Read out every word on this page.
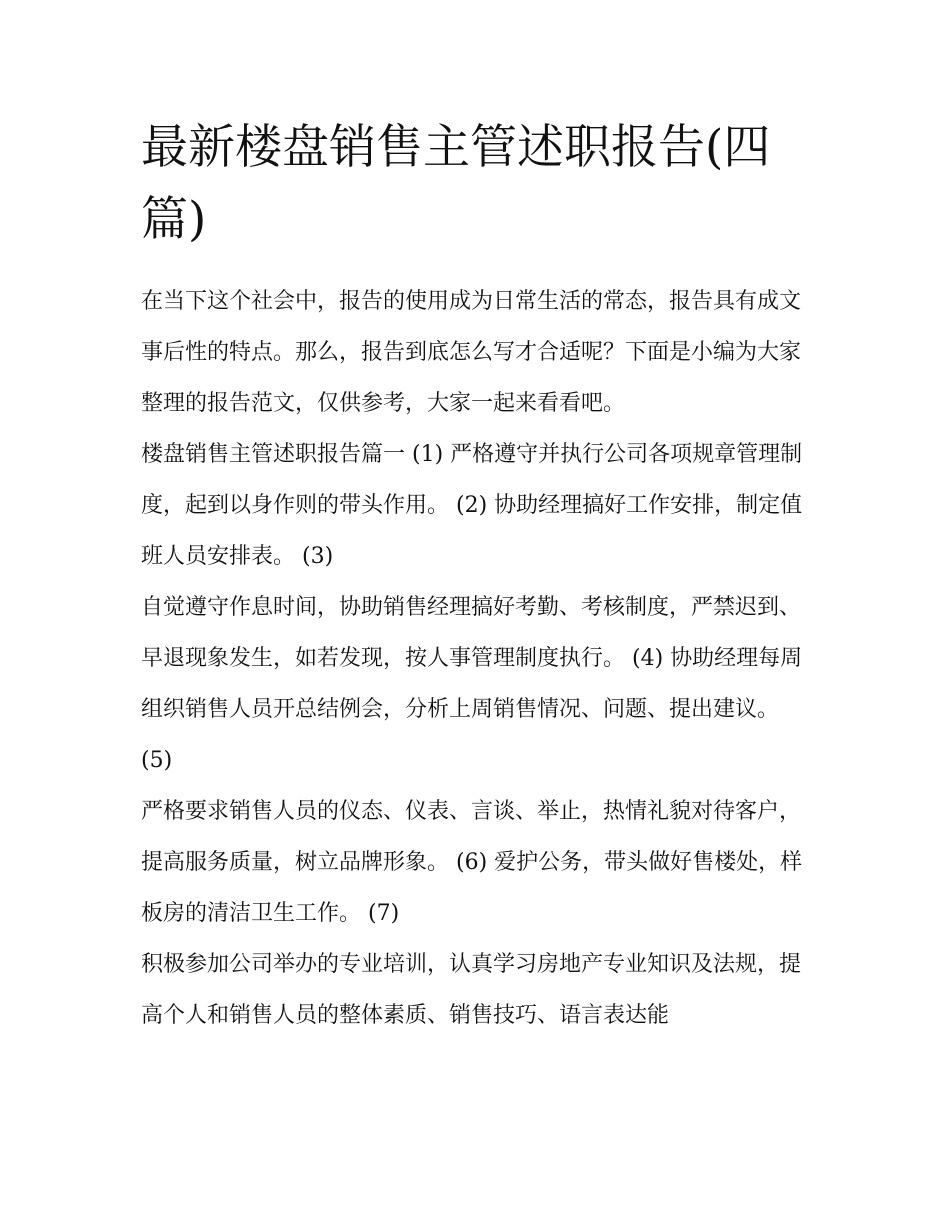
最新楼盘销售主管述职报告(四篇)

在当下这个社会中，报告的使用成为日常生活的常态，报告具有成文事后性的特点。那么，报告到底怎么写才合适呢？下面是小编为大家整理的报告范文，仅供参考，大家一起来看看吧。

楼盘销售主管述职报告篇一 (1) 严格遵守并执行公司各项规章管理制度，起到以身作则的带头作用。 (2) 协助经理搞好工作安排，制定值班人员安排表。 (3)

自觉遵守作息时间，协助销售经理搞好考勤、考核制度，严禁迟到、早退现象发生，如若发现，按人事管理制度执行。 (4) 协助经理每周组织销售人员开总结例会，分析上周销售情况、问题、提出建议。 (5)

严格要求销售人员的仪态、仪表、言谈、举止，热情礼貌对待客户，提高服务质量，树立品牌形象。 (6) 爱护公务，带头做好售楼处，样板房的清洁卫生工作。 (7)

积极参加公司举办的专业培训，认真学习房地产专业知识及法规，提高个人和销售人员的整体素质、销售技巧、语言表达能
